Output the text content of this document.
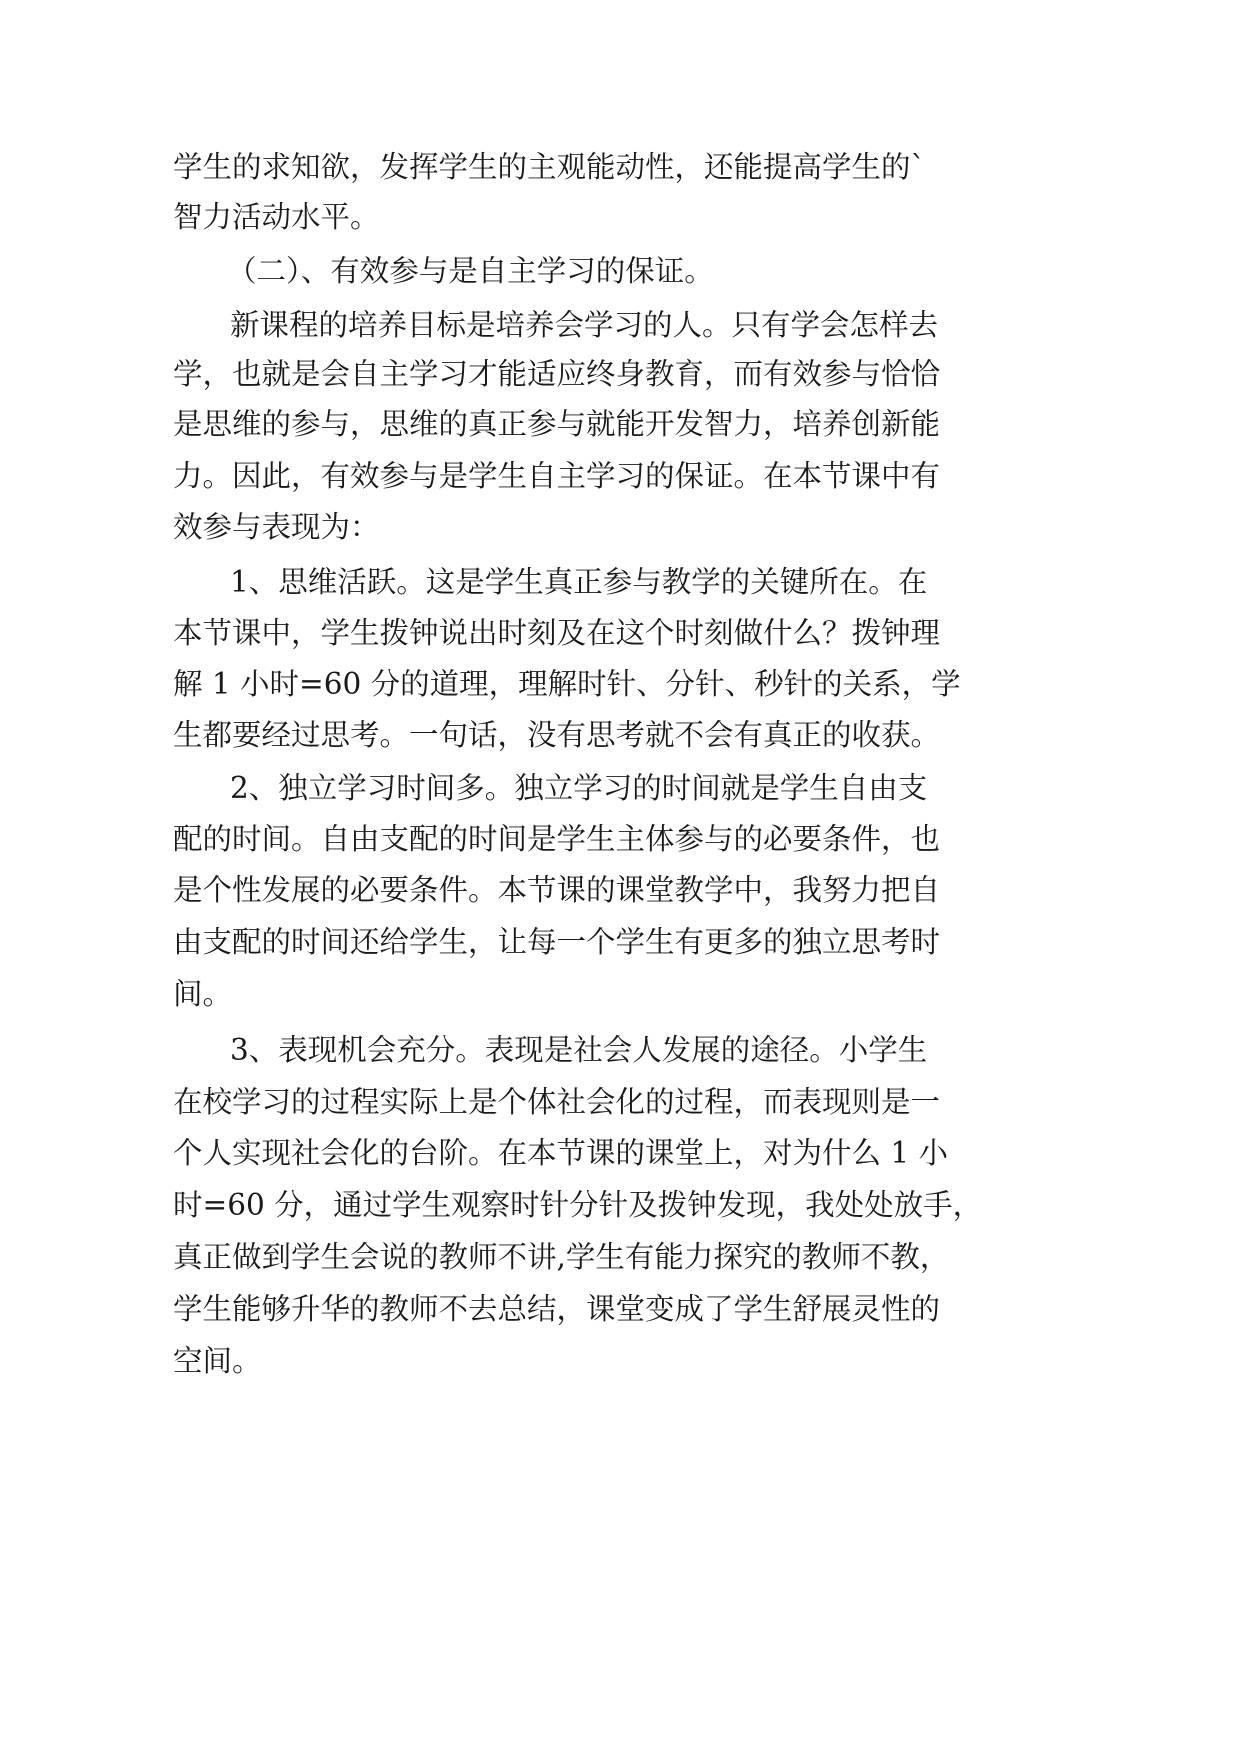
学生的求知欲，发挥学生的主观能动性，还能提高学生的`

智力活动水平。

（二）、有效参与是自主学习的保证。

新课程的培养目标是培养会学习的人。只有学会怎样去

学，也就是会自主学习才能适应终身教育，而有效参与恰恰

是思维的参与，思维的真正参与就能开发智力，培养创新能

力。因此，有效参与是学生自主学习的保证。在本节课中有

效参与表现为：

1、思维活跃。这是学生真正参与教学的关键所在。在

本节课中，学生拨钟说出时刻及在这个时刻做什么？拨钟理

解 1 小时=60 分的道理，理解时针、分针、秒针的关系，学

生都要经过思考。一句话，没有思考就不会有真正的收获。

2、独立学习时间多。独立学习的时间就是学生自由支

配的时间。自由支配的时间是学生主体参与的必要条件，也

是个性发展的必要条件。本节课的课堂教学中，我努力把自

由支配的时间还给学生，让每一个学生有更多的独立思考时

间。

3、表现机会充分。表现是社会人发展的途径。小学生

在校学习的过程实际上是个体社会化的过程，而表现则是一

个人实现社会化的台阶。在本节课的课堂上，对为什么 1 小

时=60 分，通过学生观察时针分针及拨钟发现，我处处放手，

真正做到学生会说的教师不讲,学生有能力探究的教师不教，

学生能够升华的教师不去总结，课堂变成了学生舒展灵性的

空间。
